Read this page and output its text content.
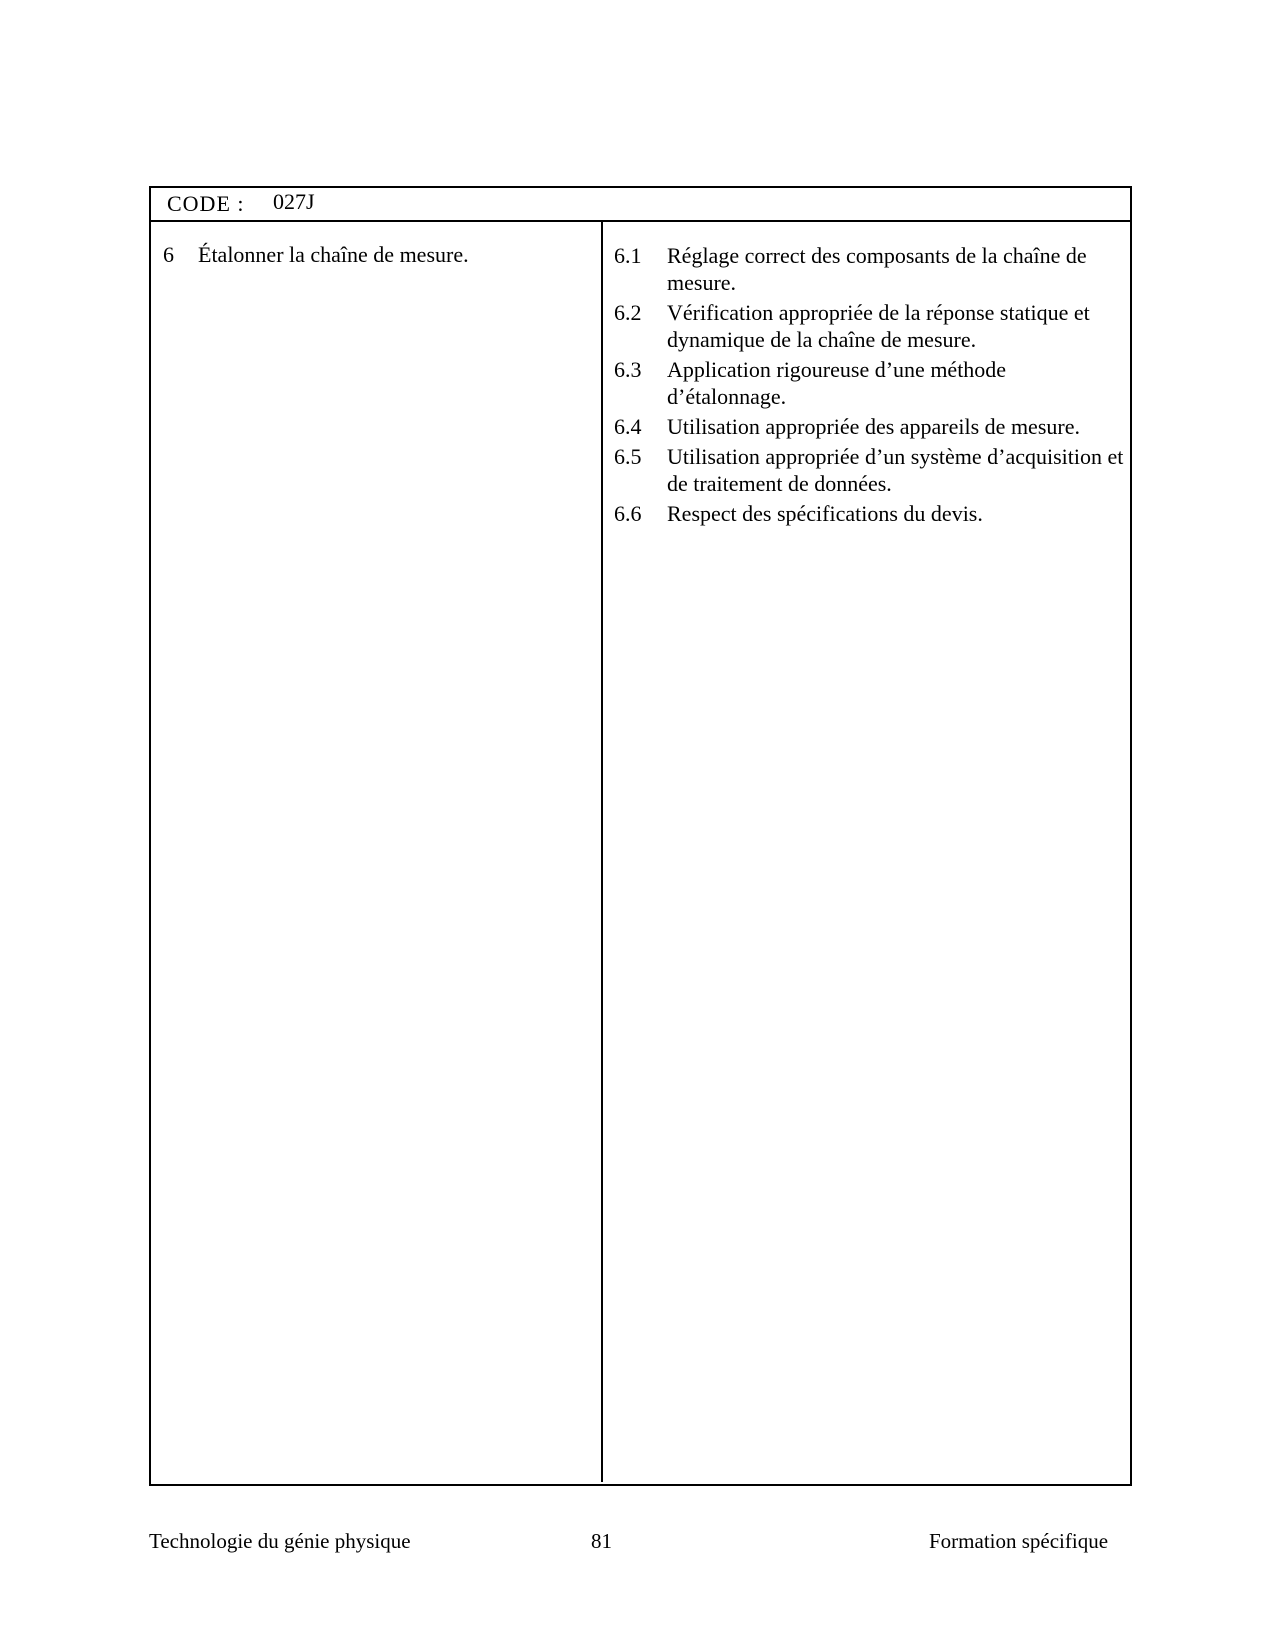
CODE : 027J
6	Étalonner la chaîne de mesure.	6.1	Réglage correct des composants de la chaîne de mesure.
6.2	Vérification appropriée de la réponse statique et dynamique de la chaîne de mesure.
6.3	Application rigoureuse d’une méthode d’étalonnage.
6.4	Utilisation appropriée des appareils de mesure.
6.5	Utilisation appropriée d’un système d’acquisition et de traitement de données.
6.6	Respect des spécifications du devis.
Technologie du génie physique	81	Formation spécifique
